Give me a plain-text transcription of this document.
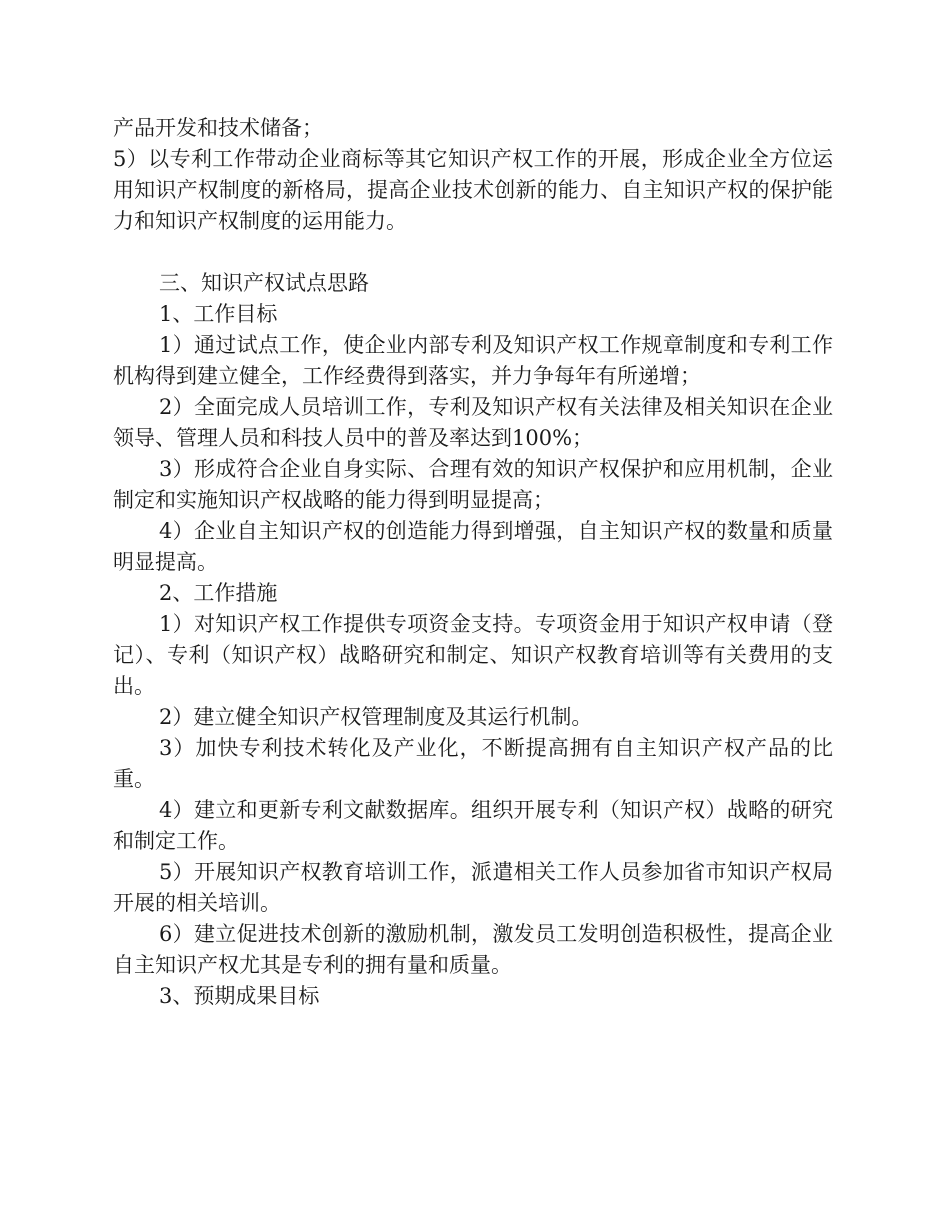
产品开发和技术储备；

5）以专利工作带动企业商标等其它知识产权工作的开展，形成企业全方位运用知识产权制度的新格局，提高企业技术创新的能力、自主知识产权的保护能力和知识产权制度的运用能力。

三、知识产权试点思路

1、工作目标

1）通过试点工作，使企业内部专利及知识产权工作规章制度和专利工作机构得到建立健全，工作经费得到落实，并力争每年有所递增；

2）全面完成人员培训工作，专利及知识产权有关法律及相关知识在企业领导、管理人员和科技人员中的普及率达到100%；

3）形成符合企业自身实际、合理有效的知识产权保护和应用机制，企业制定和实施知识产权战略的能力得到明显提高；

4）企业自主知识产权的创造能力得到增强，自主知识产权的数量和质量明显提高。

2、工作措施

1）对知识产权工作提供专项资金支持。专项资金用于知识产权申请（登记）、专利（知识产权）战略研究和制定、知识产权教育培训等有关费用的支出。

2）建立健全知识产权管理制度及其运行机制。

3）加快专利技术转化及产业化，不断提高拥有自主知识产权产品的比重。

4）建立和更新专利文献数据库。组织开展专利（知识产权）战略的研究和制定工作。

5）开展知识产权教育培训工作，派遣相关工作人员参加省市知识产权局开展的相关培训。

6）建立促进技术创新的激励机制，激发员工发明创造积极性，提高企业自主知识产权尤其是专利的拥有量和质量。

3、预期成果目标
